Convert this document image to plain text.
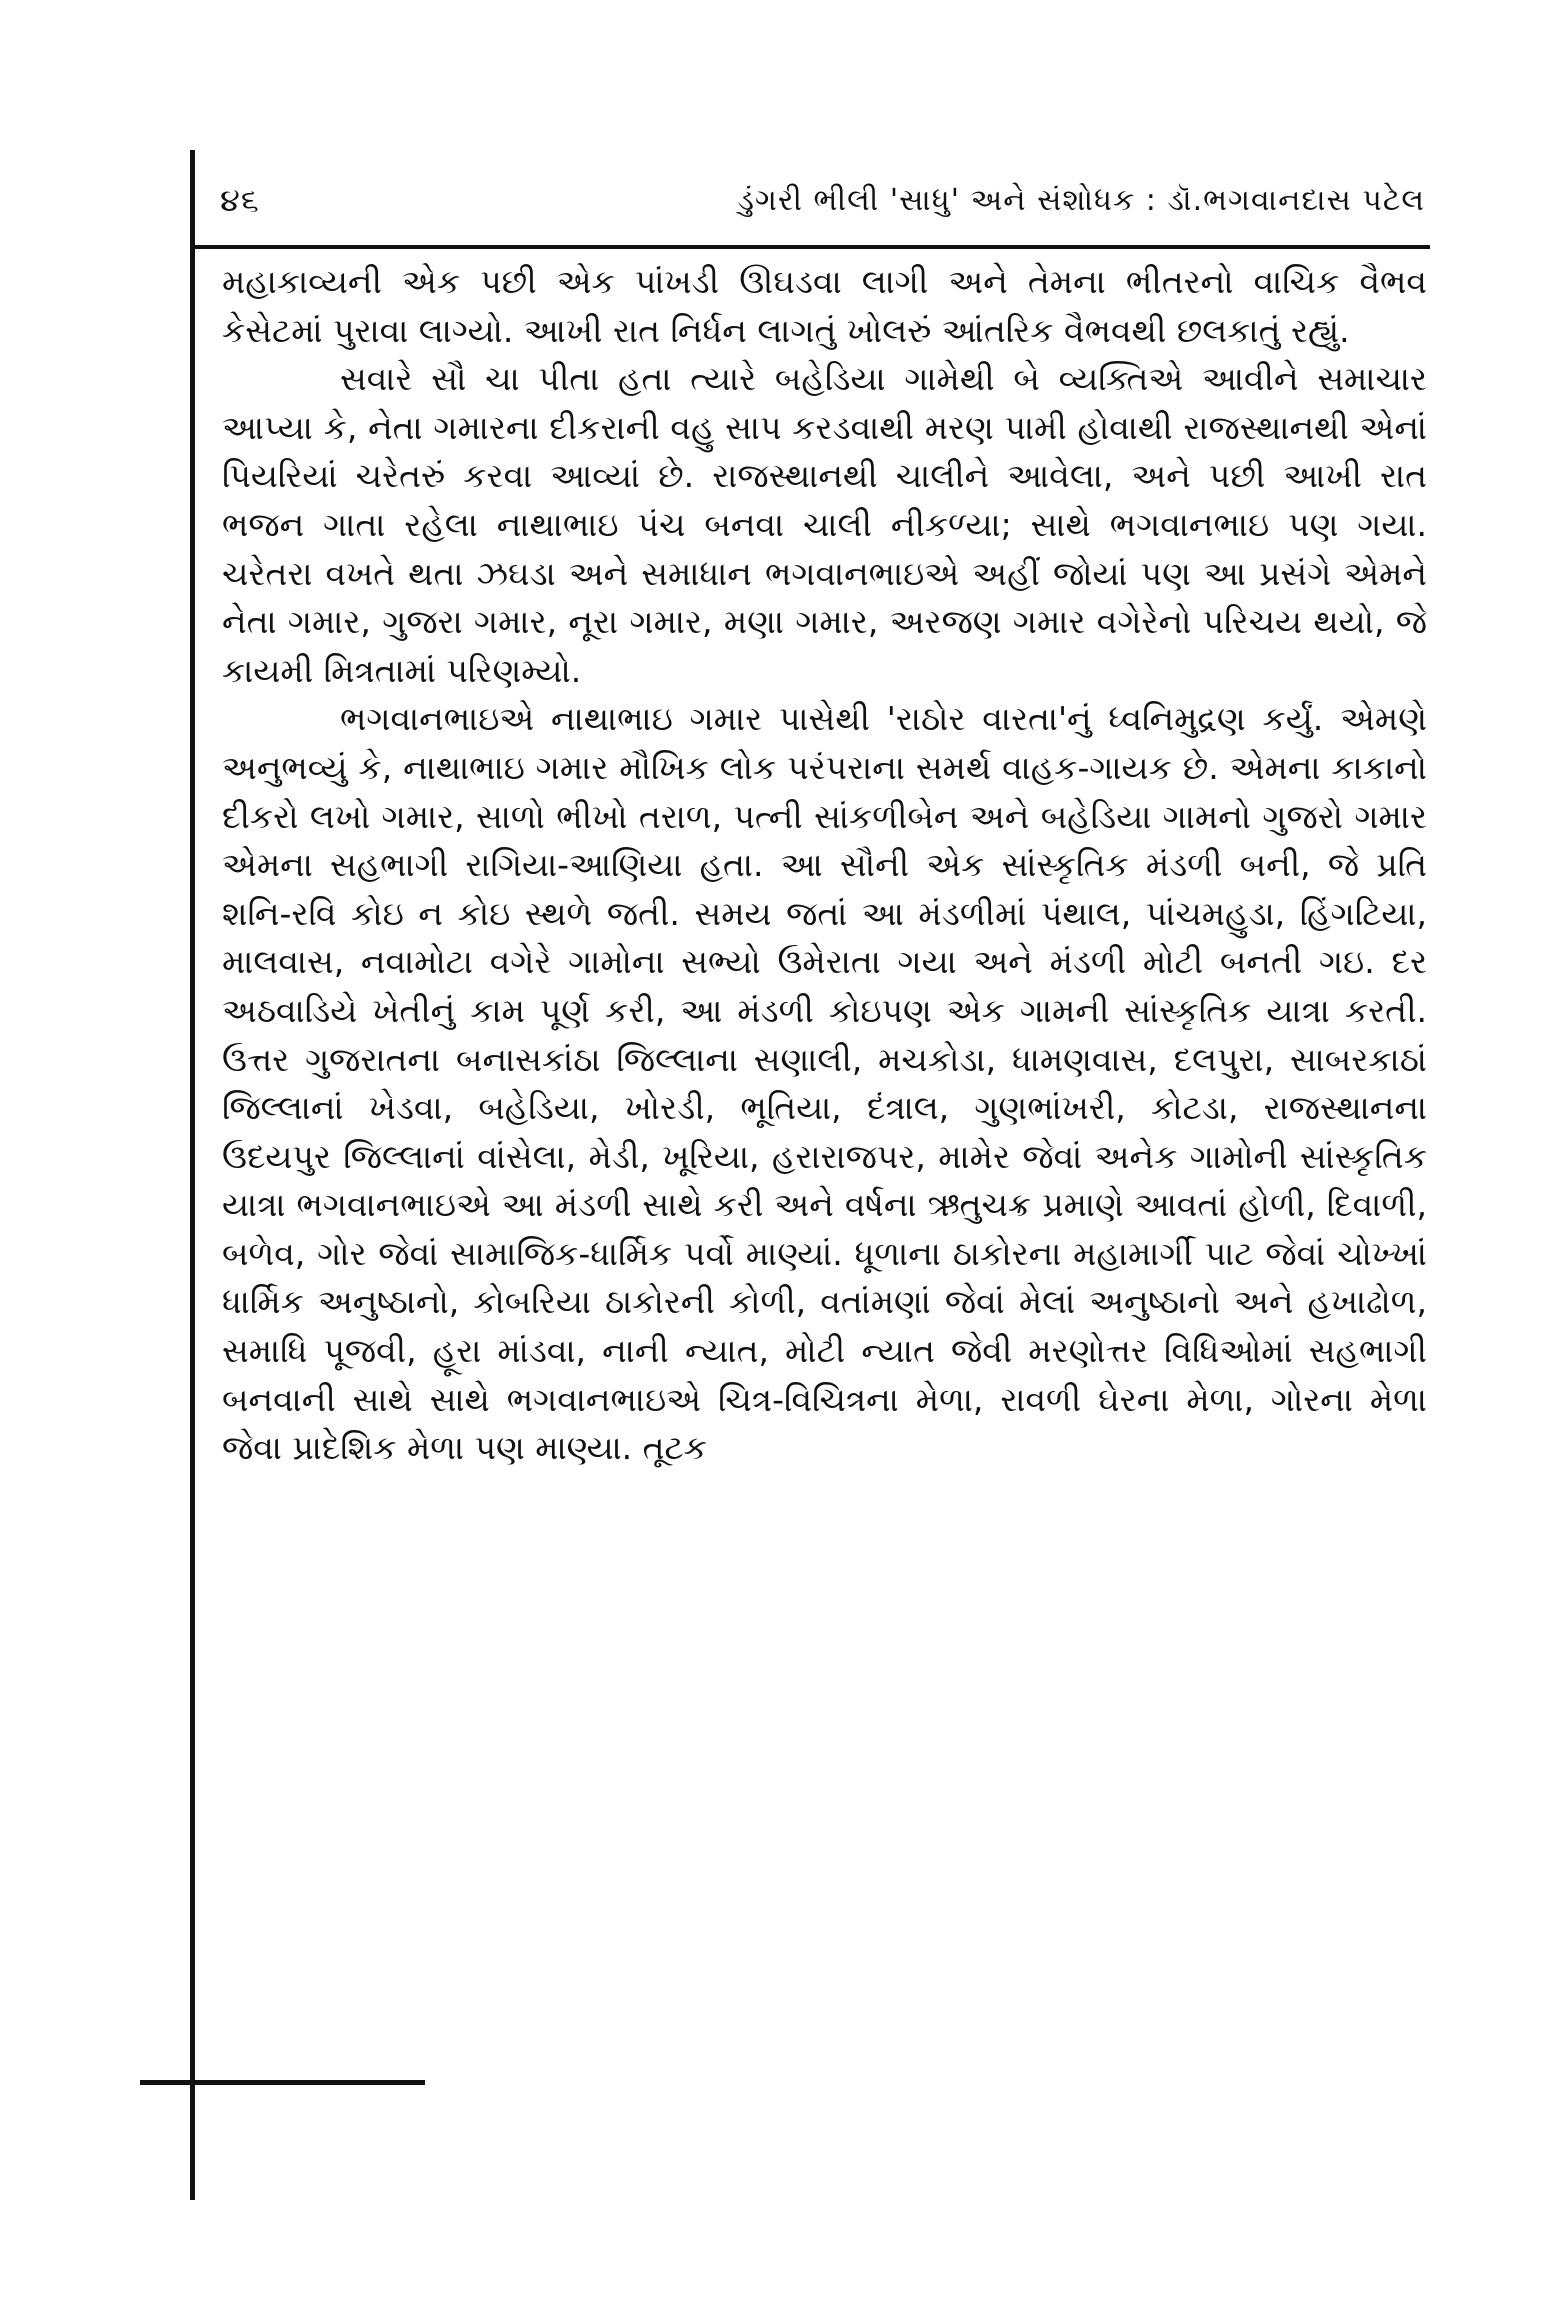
૪૬	ડુંગરી ભીલી 'સાધુ' અને સંશોધક : ડૉ.ભગવાનદાસ પટેલ

મહાકાવ્યની એક પછી એક પાંખડી ઊઘડવા લાગી અને તેમના ભીતરનો વાચિક વૈભવ કેસેટમાં પુરાવા લાગ્યો. આખી રાત નિર્ધન લાગતું ખોલરું આંતરિક વૈભવથી છલકાતું રહ્યું.

સવારે સૌ ચા પીતા હતા ત્યારે બહેડિયા ગામેથી બે વ્યક્તિએ આવીને સમાચાર આપ્યા કે, નેતા ગમારના દીકરાની વહુ સાપ કરડવાથી મરણ પામી હોવાથી રાજસ્થાનથી એનાં પિયરિયાં ચરેતરું કરવા આવ્યાં છે. રાજસ્થાનથી ચાલીને આવેલા, અને પછી આખી રાત ભજન ગાતા રહેલા નાથાભાઇ પંચ બનવા ચાલી નીકળ્યા; સાથે ભગવાનભાઇ પણ ગયા. ચરેતરા વખતે થતા ઝઘડા અને સમાધાન ભગવાનભાઇએ અહીં જોયાં પણ આ પ્રસંગે એમને નેતા ગમાર, ગુજરા ગમાર, નૂરા ગમાર, મણા ગમાર, અરજણ ગમાર વગેરેનો પરિચય થયો, જે કાયમી મિત્રતામાં પરિણમ્યો.

ભગવાનભાઇએ નાથાભાઇ ગમાર પાસેથી 'રાઠોર વારતા'નું ધ્વનિમુદ્રણ કર્યું. એમણે અનુભવ્યું કે, નાથાભાઇ ગમાર મૌખિક લોક પરંપરાના સમર્થ વાહક-ગાયક છે. એમના કાકાનો દીકરો લખો ગમાર, સાળો ભીખો તરાળ, પત્ની સાંકળીબેન અને બહેડિયા ગામનો ગુજરો ગમાર એમના સહભાગી રાગિયા-આણિયા હતા. આ સૌની એક સાંસ્કૃતિક મંડળી બની, જે પ્રતિ શનિ-રવિ કોઇ ન કોઇ સ્થળે જતી. સમય જતાં આ મંડળીમાં પંથાલ, પાંચમહુડા, હિંગટિયા, માલવાસ, નવામોટા વગેરે ગામોના સભ્યો ઉમેરાતા ગયા અને મંડળી મોટી બનતી ગઇ. દર અઠવાડિયે ખેતીનું કામ પૂર્ણ કરી, આ મંડળી કોઇપણ એક ગામની સાંસ્કૃતિક યાત્રા કરતી. ઉત્તર ગુજરાતના બનાસકાંઠા જિલ્લાના સણાલી, મચકોડા, ધામણવાસ, દલપુરા, સાબરકાઠાં જિલ્લાનાં ખેડવા, બહેડિયા, ખોરડી, ભૂતિયા, દંત્રાલ, ગુણભાંખરી, કોટડા, રાજસ્થાનના ઉદયપુર જિલ્લાનાં વાંસેલા, મેડી, ખૂરિયા, હરારાજપર, મામેર જેવાં અનેક ગામોની સાંસ્કૃતિક યાત્રા ભગવાનભાઇએ આ મંડળી સાથે કરી અને વર્ષના ઋતુચક્ર પ્રમાણે આવતાં હોળી, દિવાળી, બળેવ, ગોર જેવાં સામાજિક-ધાર્મિક પર્વો માણ્યાં. ધૂળાના ઠાકોરના મહામાર્ગી પાટ જેવાં ચોખ્ખાં ધાર્મિક અનુષ્ઠાનો, કોબરિયા ઠાકોરની કોળી, વતાંમણાં જેવાં મેલાં અનુષ્ઠાનો અને હખાઢોળ, સમાધિ પૂજવી, હૂરા માંડવા, નાની ન્યાત, મોટી ન્યાત જેવી મરણોત્તર વિધિઓમાં સહભાગી બનવાની સાથે સાથે ભગવાનભાઇએ ચિત્ર-વિચિત્રના મેળા, રાવળી ઘેરના મેળા, ગોરના મેળા જેવા પ્રાદેશિક મેળા પણ માણ્યા. તૂટક
